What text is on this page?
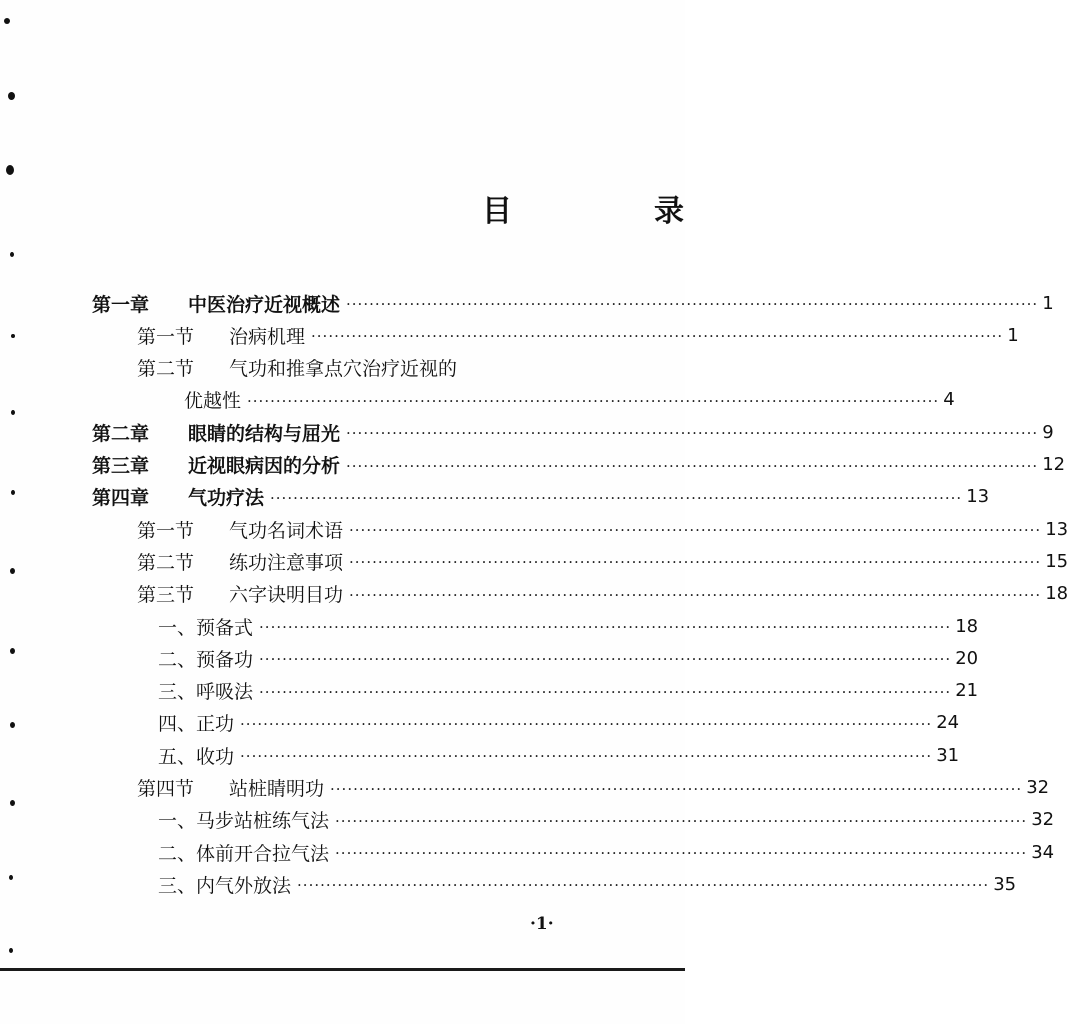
目　录
第一章 中医治疗近视概述 ························································································································ 1
第一节 治病机理 ························································································································ 1
第二节 气功和推拿点穴治疗近视的
优越性 ························································································································ 4
第二章 眼睛的结构与屈光 ························································································································ 9
第三章 近视眼病因的分析 ························································································································ 12
第四章 气功疗法 ························································································································ 13
第一节 气功名词术语 ························································································································ 13
第二节 练功注意事项 ························································································································ 15
第三节 六字诀明目功 ························································································································ 18
一、预备式 ························································································································ 18
二、预备功 ························································································································ 20
三、呼吸法 ························································································································ 21
四、正功 ························································································································ 24
五、收功 ························································································································ 31
第四节 站桩睛明功 ························································································································ 32
一、马步站桩练气法 ························································································································ 32
二、体前开合拉气法 ························································································································ 34
三、内气外放法 ························································································································ 35
·1·
